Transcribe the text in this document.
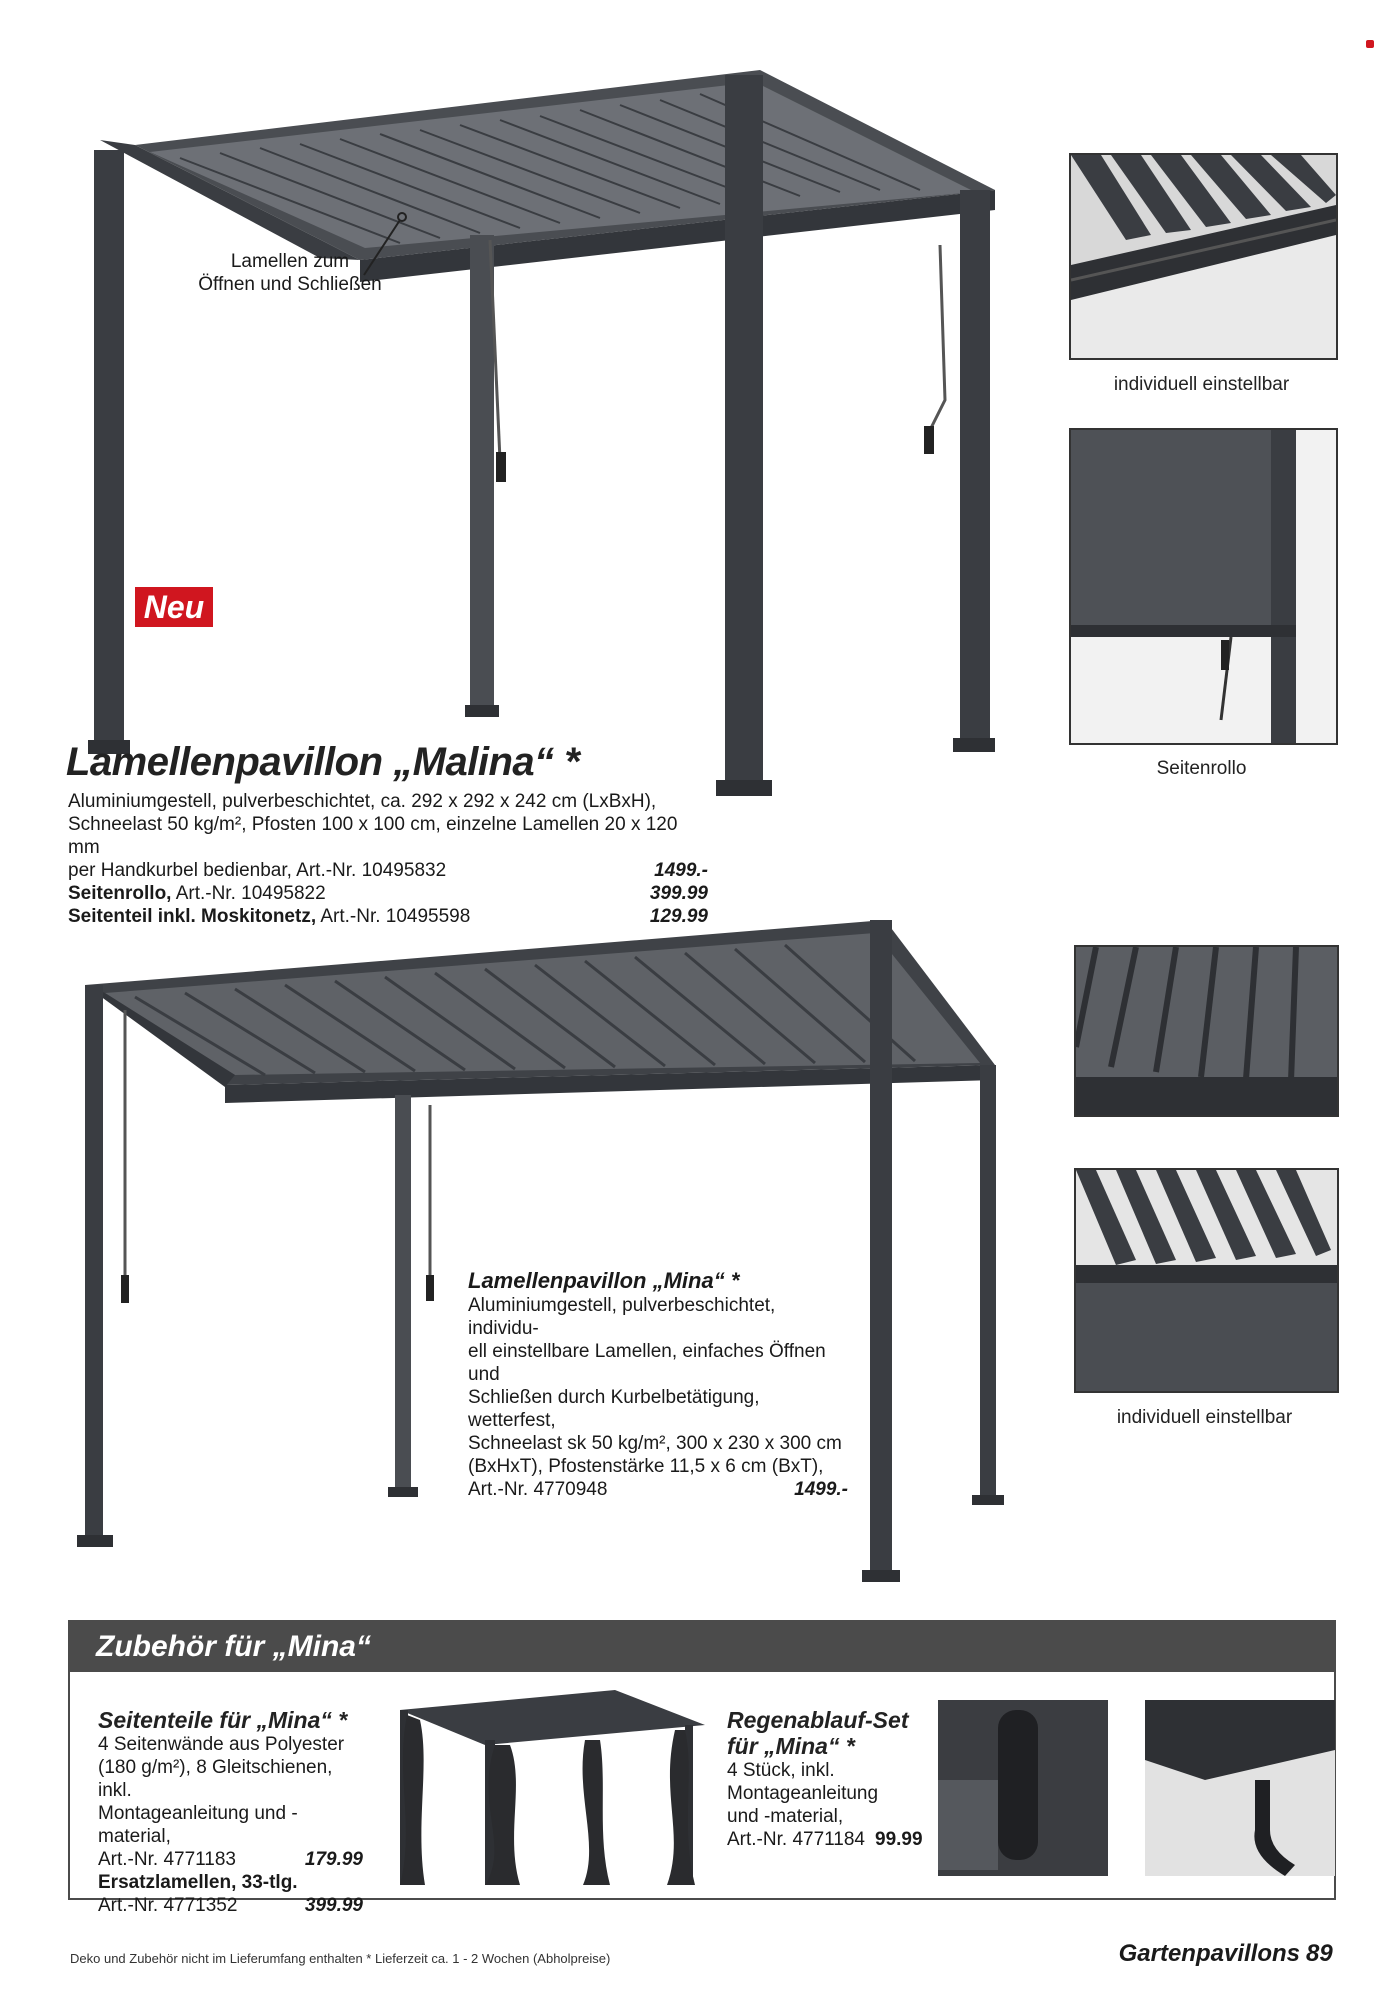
Lamellen zum
Öffnen und Schließen
Neu
Lamellenpavillon „Malina“ *
Aluminiumgestell, pulverbeschichtet, ca. 292 x 292 x 242 cm (LxBxH),
Schneelast 50 kg/m², Pfosten 100 x 100 cm, einzelne Lamellen 20 x 120 mm
per Handkurbel bedienbar, Art.-Nr. 10495832	1499.-
Seitenrollo, Art.-Nr. 10495822	399.99
Seitenteil inkl. Moskitonetz, Art.-Nr. 10495598	129.99
individuell einstellbar
Seitenrollo
Lamellenpavillon „Mina“ *
Aluminiumgestell, pulverbeschichtet, individu-
ell einstellbare Lamellen, einfaches Öffnen und
Schließen durch Kurbelbetätigung, wetterfest,
Schneelast sk 50 kg/m², 300 x 230 x 300 cm
(BxHxT), Pfostenstärke 11,5 x 6 cm (BxT),
Art.-Nr. 4770948	1499.-
individuell einstellbar
Zubehör für „Mina“
Seitenteile für „Mina“ *
4 Seitenwände aus Polyester
(180 g/m²), 8 Gleitschienen, inkl.
Montageanleitung und -material,
Art.-Nr. 4771183	179.99
Ersatzlamellen, 33-tlg.
Art.-Nr. 4771352	399.99
Regenablauf-Set
für „Mina“ *
4 Stück, inkl.
Montageanleitung
und -material,
Art.-Nr. 4771184 99.99
Deko und Zubehör nicht im Lieferumfang enthalten * Lieferzeit ca. 1 - 2 Wochen (Abholpreise)	Gartenpavillons 89
